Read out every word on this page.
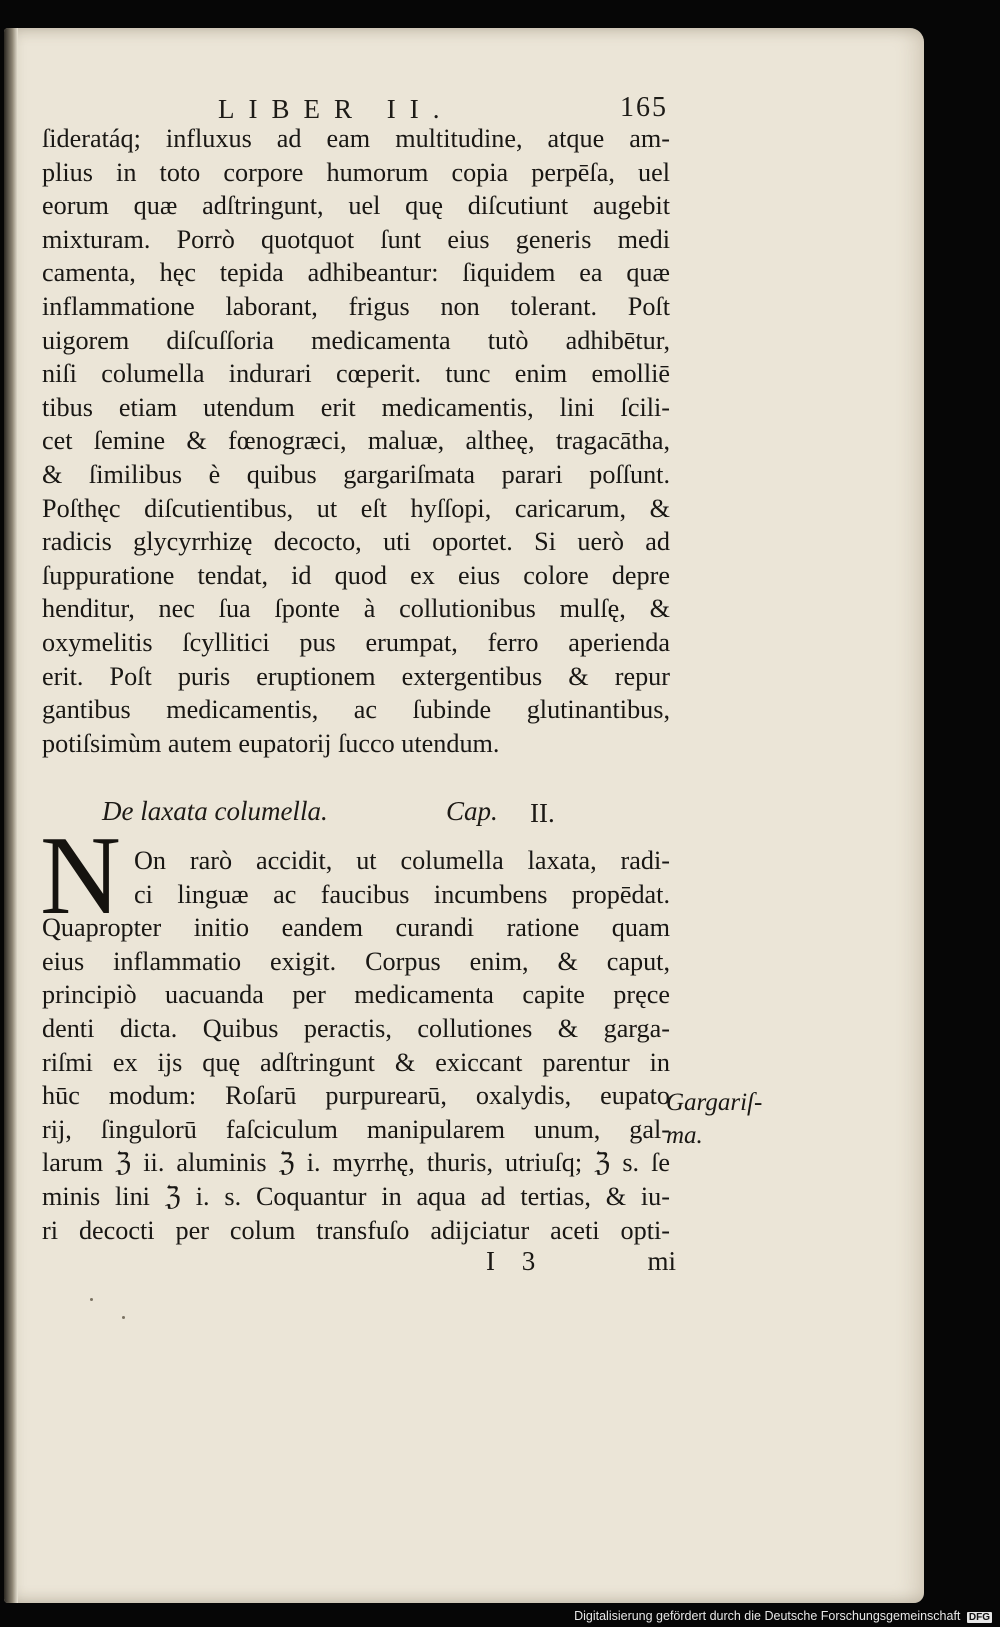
LIBER II.	165
ſideratáq; influxus ad eam multitudine, atque am-
plius in toto corpore humorum copia perpēſa, uel
eorum quæ adſtringunt, uel quę diſcutiunt augebit
mixturam. Porrò quotquot ſunt eius generis medi
camenta, hęc tepida adhibeantur: ſiquidem ea quæ
inflammatione laborant, frigus non tolerant. Poſt
uigorem diſcuſſoria medicamenta tutò adhibētur,
niſi columella indurari cœperit. tunc enim emolliē
tibus etiam utendum erit medicamentis, lini ſcili-
cet ſemine & fœnogræci, maluæ, altheę, tragacātha,
& ſimilibus è quibus gargariſmata parari poſſunt.
Poſthęc diſcutientibus, ut eſt hyſſopi, caricarum, &
radicis glycyrrhizę decocto, uti oportet. Si uerò ad
ſuppuratione tendat, id quod ex eius colore depre
henditur, nec ſua ſponte à collutionibus mulſę, &
oxymelitis ſcyllitici pus erumpat, ferro aperienda
erit. Poſt puris eruptionem extergentibus & repur
gantibus medicamentis, ac ſubinde glutinantibus,
potiſsimùm autem eupatorij ſucco utendum.
De laxata columella.	Cap. II.
N On rarò accidit, ut columella laxata, radi-
ci linguæ ac faucibus incumbens propēdat.
Quapropter initio eandem curandi ratione quam
eius inflammatio exigit. Corpus enim, & caput,
principiò uacuanda per medicamenta capite pręce
denti dicta. Quibus peractis, collutiones & garga-
riſmi ex ijs quę adſtringunt & exiccant parentur in
hūc modum: Roſarū purpurearū, oxalydis, eupato
rij, ſingulorū faſciculum manipularem unum, gal-
larum ℨ ii. aluminis ℨ i. myrrhę, thuris, utriuſq; ℨ s. ſe
minis lini ℨ i. s. Coquantur in aqua ad tertias, & iu-
ri decocti per colum transfuſo adijciatur aceti opti-
Gargariſ-
ma.
I 3	mi
Digitalisierung gefördert durch die Deutsche Forschungsgemeinschaft DFG
